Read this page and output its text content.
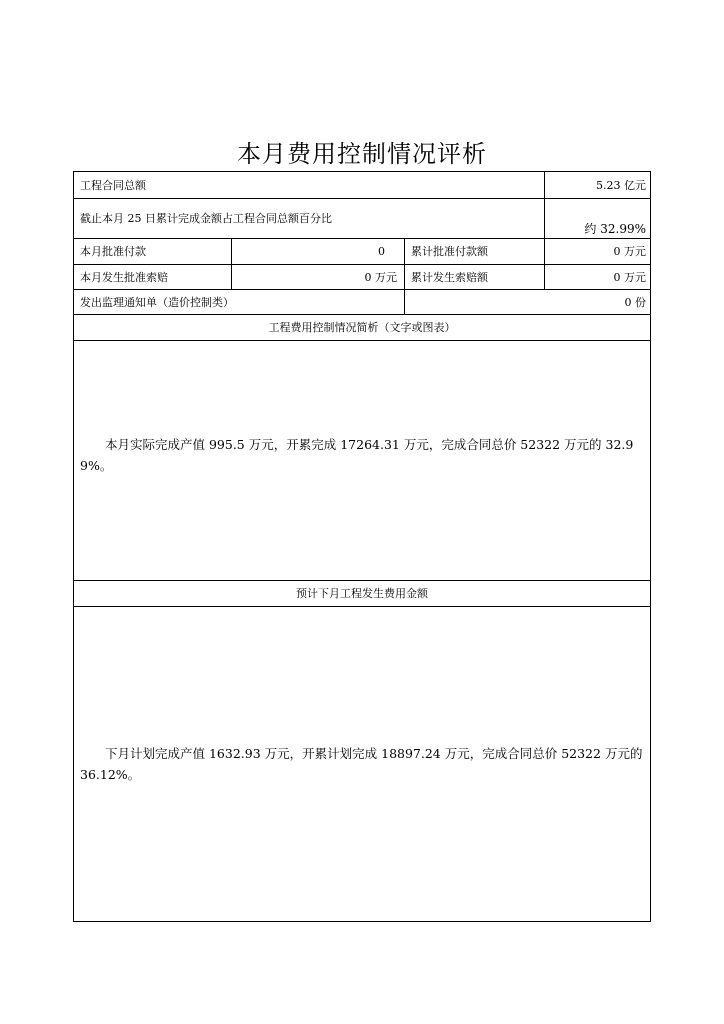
本月费用控制情况评析
工程合同总额	5.23 亿元
截止本月 25 日累计完成金额占工程合同总额百分比
约 32.99%
本月批准付款	0 累计批准付款额	0 万元
本月发生批准索赔	0 万元 累计发生索赔额	0 万元
发出监理通知单（造价控制类）	0 份
工程费用控制情况简析（文字或图表）
本月实际完成产值 995.5 万元，开累完成 17264.31 万元，完成合同总价 52322 万元的 32.99%。
预计下月工程发生费用金额
下月计划完成产值 1632.93 万元，开累计划完成 18897.24 万元，完成合同总价 52322 万元的 36.12%。
